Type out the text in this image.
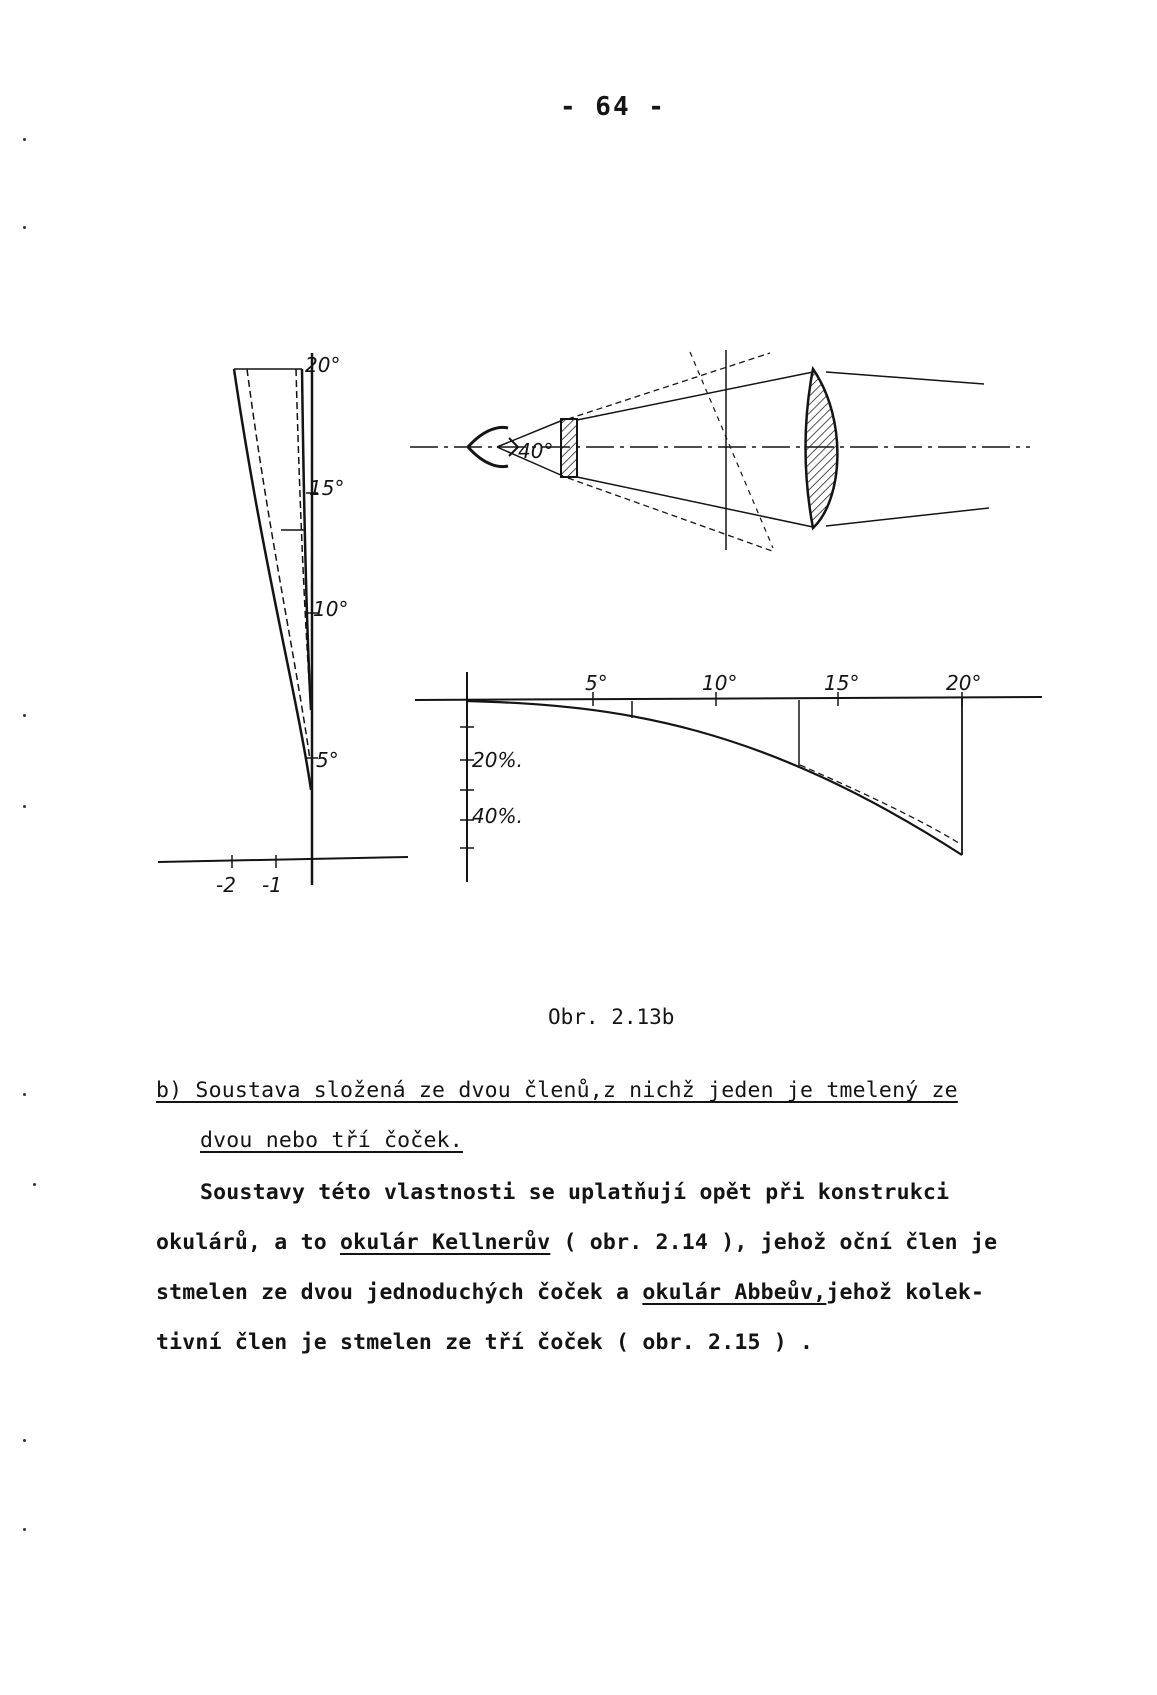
- 64 -
20°
15°
10°
5°
-2 -1
40°
5°	10°	15°	20°
20%.
40%.
Obr. 2.13b
b) Soustava složená ze dvou členů,z nichž jeden je tmelený ze
dvou nebo tří čoček.
Soustavy této vlastnosti se uplatňují opět při konstrukci
okulárů, a to okulár Kellnerův ( obr. 2.14 ), jehož oční člen je
stmelen ze dvou jednoduchých čoček a okulár Abbeův,jehož kolek-
tivní člen je stmelen ze tří čoček ( obr. 2.15 ) .
